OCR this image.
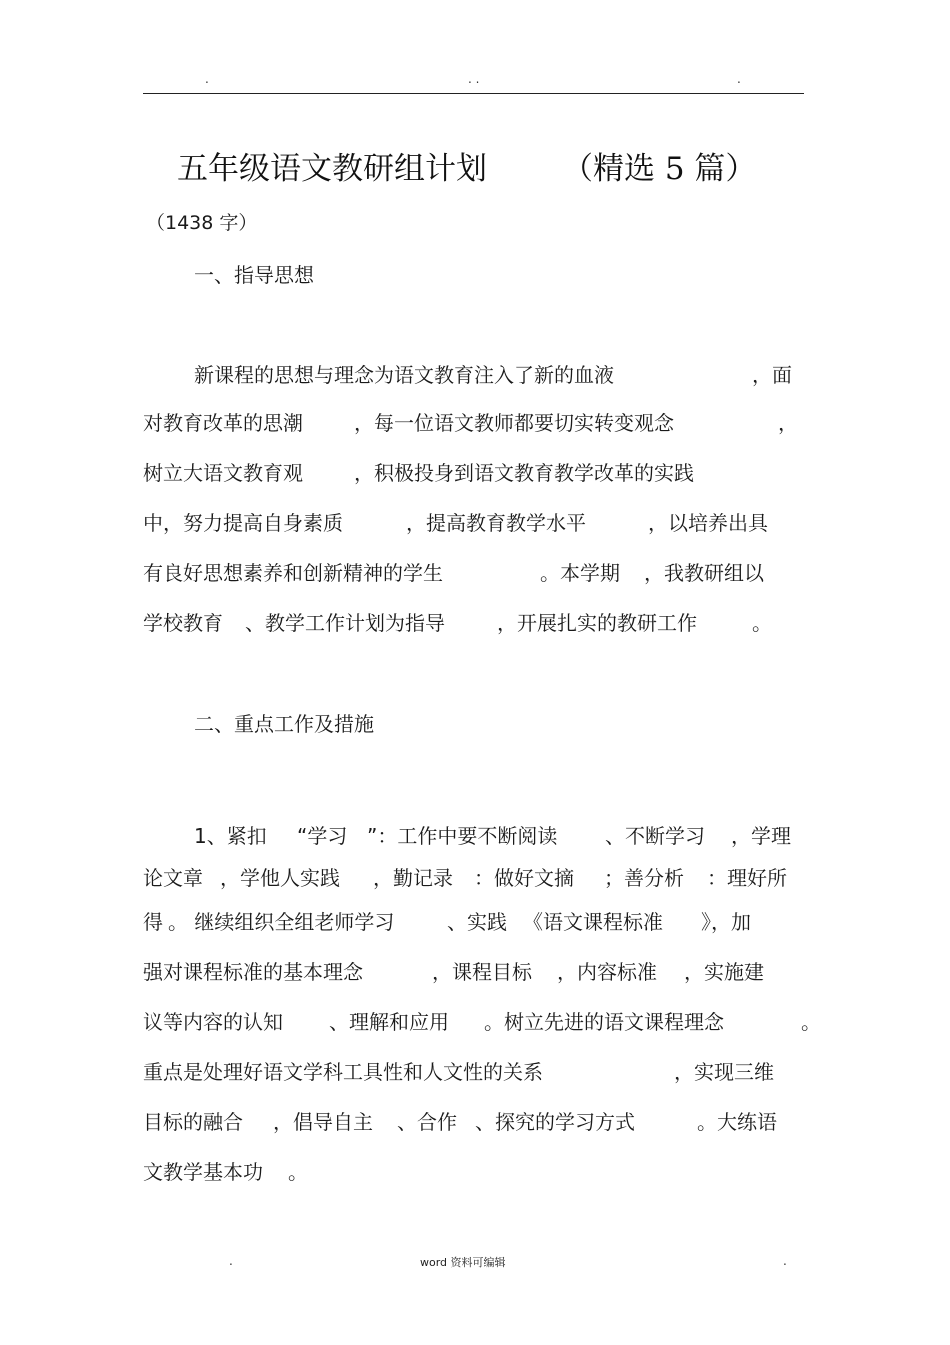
.	. .	.
五年级语文教研组计划 （精选 5 篇）
（1438 字）
一、指导思想
新课程的思想与理念为语文教育注入了新的血液	，面
对教育改革的思潮	，每一位语文教师都要切实转变观念	，
树立大语文教育观	，积极投身到语文教育教学改革的实践
中，努力提高自身素质	，提高教育教学水平	，以培养出具
有良好思想素养和创新精神的学生	。本学期 ，我教研组以
学校教育 、教学工作计划为指导	，开展扎实的教研工作	。
二、重点工作及措施
1、紧扣 “学习 ”：工作中要不断阅读 、不断学习 ，学理
论文章 ，学他人实践 ，勤记录 ：做好文摘 ；善分析 ：理好所
得 。 继续组织全组老师学习	、实践 《语文课程标准 》，加
强对课程标准的基本理念	，课程目标 ，内容标准 ，实施建
议等内容的认知 、理解和应用 。树立先进的语文课程理念	。
重点是处理好语文学科工具性和人文性的关系	，实现三维
目标的融合 ，倡导自主 、合作 、探究的学习方式	。大练语
文教学基本功 。
.	word 资料可编辑	.
